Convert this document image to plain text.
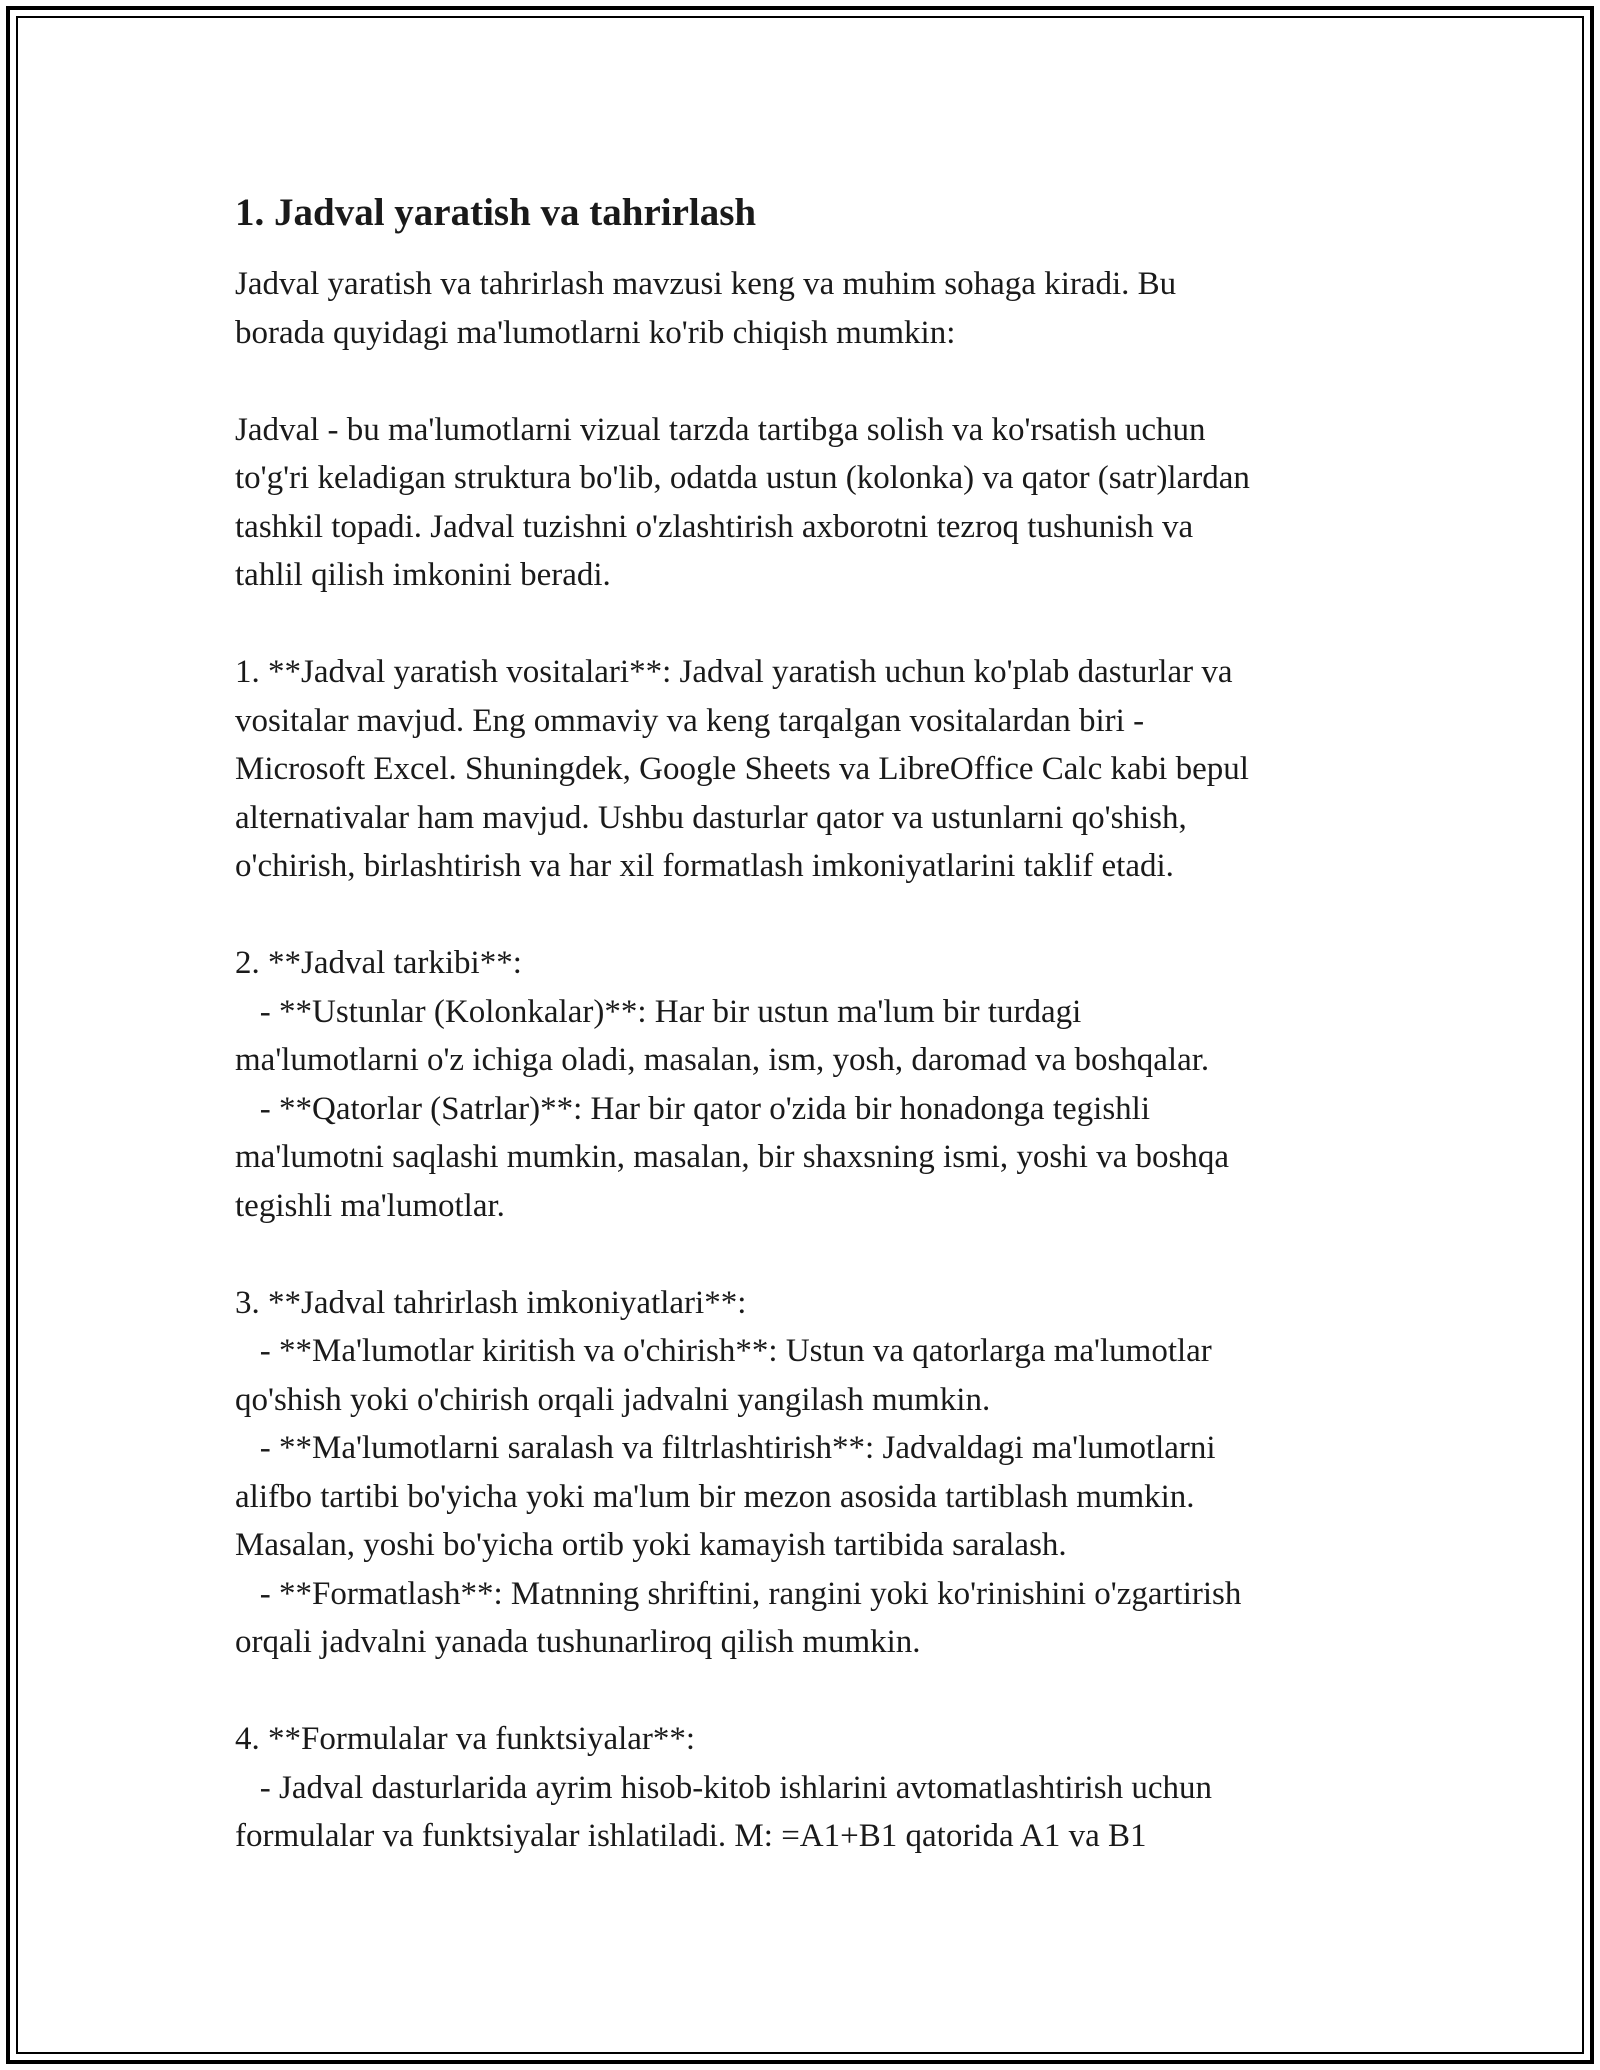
1. Jadval yaratish va tahrirlash
Jadval yaratish va tahrirlash mavzusi keng va muhim sohaga kiradi. Bu
borada quyidagi ma'lumotlarni ko'rib chiqish mumkin:
Jadval - bu ma'lumotlarni vizual tarzda tartibga solish va ko'rsatish uchun
to'g'ri keladigan struktura bo'lib, odatda ustun (kolonka) va qator (satr)lardan
tashkil topadi. Jadval tuzishni o'zlashtirish axborotni tezroq tushunish va
tahlil qilish imkonini beradi.
1. **Jadval yaratish vositalari**: Jadval yaratish uchun ko'plab dasturlar va
vositalar mavjud. Eng ommaviy va keng tarqalgan vositalardan biri -
Microsoft Excel. Shuningdek, Google Sheets va LibreOffice Calc kabi bepul
alternativalar ham mavjud. Ushbu dasturlar qator va ustunlarni qo'shish,
o'chirish, birlashtirish va har xil formatlash imkoniyatlarini taklif etadi.
2. **Jadval tarkibi**:
- **Ustunlar (Kolonkalar)**: Har bir ustun ma'lum bir turdagi
ma'lumotlarni o'z ichiga oladi, masalan, ism, yosh, daromad va boshqalar.
- **Qatorlar (Satrlar)**: Har bir qator o'zida bir honadonga tegishli
ma'lumotni saqlashi mumkin, masalan, bir shaxsning ismi, yoshi va boshqa
tegishli ma'lumotlar.
3. **Jadval tahrirlash imkoniyatlari**:
- **Ma'lumotlar kiritish va o'chirish**: Ustun va qatorlarga ma'lumotlar
qo'shish yoki o'chirish orqali jadvalni yangilash mumkin.
- **Ma'lumotlarni saralash va filtrlashtirish**: Jadvaldagi ma'lumotlarni
alifbo tartibi bo'yicha yoki ma'lum bir mezon asosida tartiblash mumkin.
Masalan, yoshi bo'yicha ortib yoki kamayish tartibida saralash.
- **Formatlash**: Matnning shriftini, rangini yoki ko'rinishini o'zgartirish
orqali jadvalni yanada tushunarliroq qilish mumkin.
4. **Formulalar va funktsiyalar**:
- Jadval dasturlarida ayrim hisob-kitob ishlarini avtomatlashtirish uchun
formulalar va funktsiyalar ishlatiladi. M: =A1+B1 qatorida A1 va B1
